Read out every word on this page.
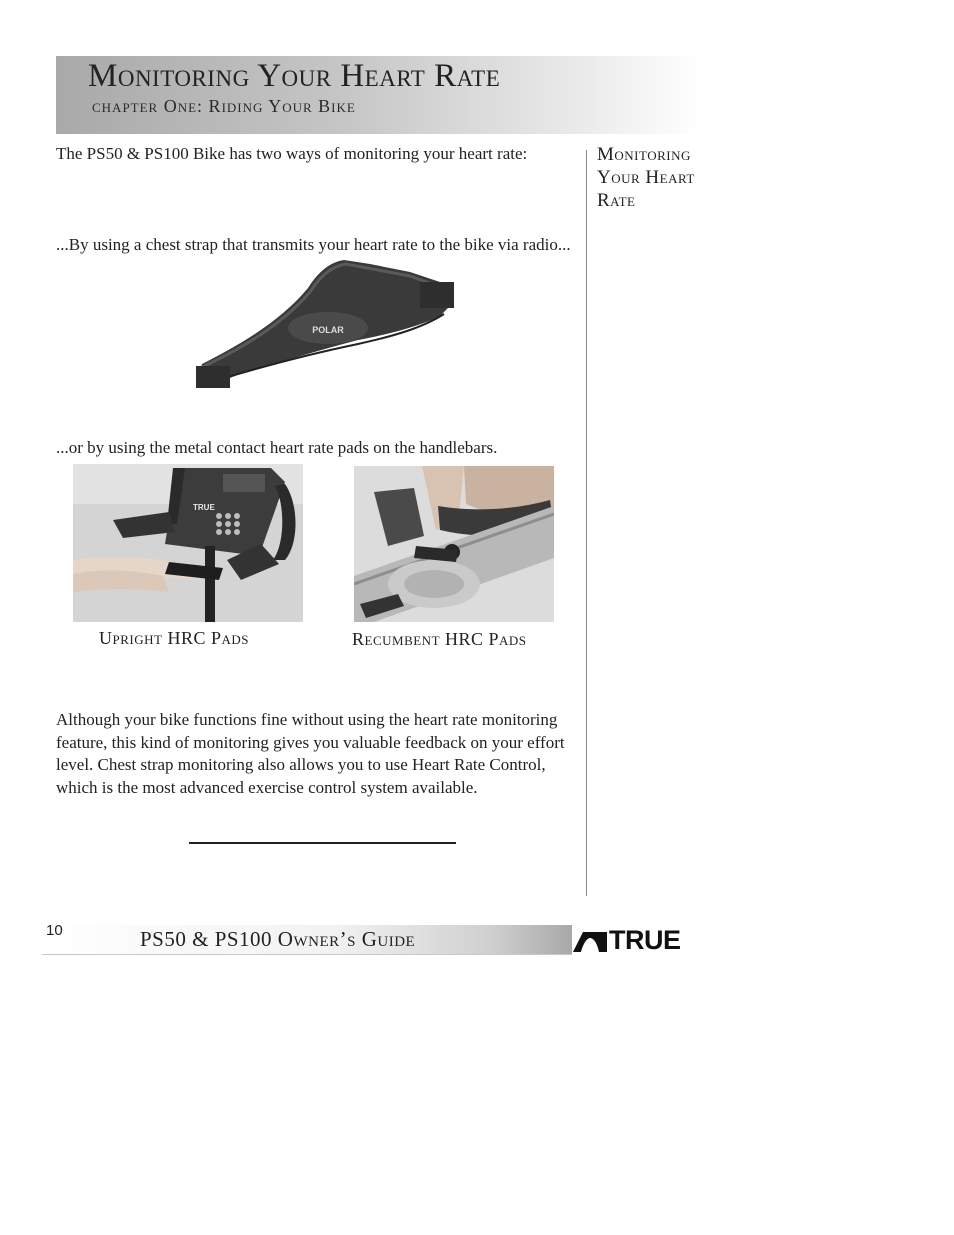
Monitoring Your Heart Rate
chapter One: Riding Your Bike

The PS50 & PS100 Bike has two ways of monitoring your heart rate:

...By using a chest strap that transmits your heart rate to the bike via radio...

POLAR

...or by using the metal contact heart rate pads on the handlebars.

TRUE
Upright HRC Pads	Recumbent HRC Pads

Although your bike functions fine without using the heart rate monitoring feature, this kind of monitoring gives you valuable feedback on your effort level. Chest strap monitoring also allows you to use Heart Rate Control, which is the most advanced exercise control system available.

Monitoring
Your Heart
Rate
10	PS50 & PS100 Owner’s Guide	TRUE
